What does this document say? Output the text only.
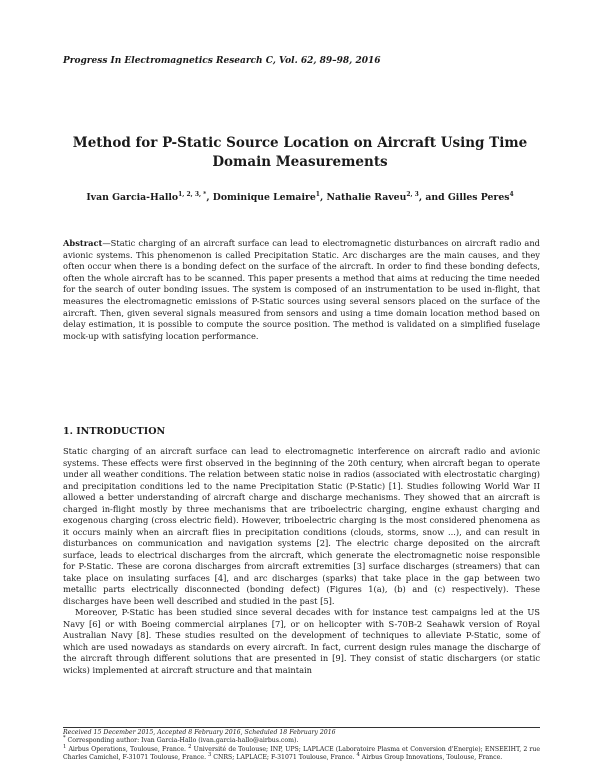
Progress In Electromagnetics Research C, Vol. 62, 89–98, 2016
Method for P-Static Source Location on Aircraft Using Time Domain Measurements
Ivan Garcia-Hallo$^{1, 2, 3, *}$, Dominique Lemaire$^1$, Nathalie Raveu$^{2, 3}$, and Gilles Peres$^4$
Abstract—Static charging of an aircraft surface can lead to electromagnetic disturbances on aircraft radio and avionic systems. This phenomenon is called Precipitation Static. Arc discharges are the main causes, and they often occur when there is a bonding defect on the surface of the aircraft. In order to find these bonding defects, often the whole aircraft has to be scanned. This paper presents a method that aims at reducing the time needed for the search of outer bonding issues. The system is composed of an instrumentation to be used in-flight, that measures the electromagnetic emissions of P-Static sources using several sensors placed on the surface of the aircraft. Then, given several signals measured from sensors and using a time domain location method based on delay estimation, it is possible to compute the source position. The method is validated on a simplified fuselage mock-up with satisfying location performance.
1. INTRODUCTION

Static charging of an aircraft surface can lead to electromagnetic interference on aircraft radio and avionic systems. These effects were first observed in the beginning of the 20th century, when aircraft began to operate under all weather conditions. The relation between static noise in radios (associated with electrostatic charging) and precipitation conditions led to the name Precipitation Static (P-Static) [1]. Studies following World War II allowed a better understanding of aircraft charge and discharge mechanisms. They showed that an aircraft is charged in-flight mostly by three mechanisms that are triboelectric charging, engine exhaust charging and exogenous charging (cross electric field). However, triboelectric charging is the most considered phenomena as it occurs mainly when an aircraft flies in precipitation conditions (clouds, storms, snow ...), and can result in disturbances on communication and navigation systems [2]. The electric charge deposited on the aircraft surface, leads to electrical discharges from the aircraft, which generate the electromagnetic noise responsible for P-Static. These are corona discharges from aircraft extremities [3] surface discharges (streamers) that can take place on insulating surfaces [4], and arc discharges (sparks) that take place in the gap between two metallic parts electrically disconnected (bonding defect) (Figures 1(a), (b) and (c) respectively). These discharges have been well described and studied in the past [5].

Moreover, P-Static has been studied since several decades with for instance test campaigns led at the US Navy [6] or with Boeing commercial airplanes [7], or on helicopter with S-70B-2 Seahawk version of Royal Australian Navy [8]. These studies resulted on the development of techniques to alleviate P-Static, some of which are used nowadays as standards on every aircraft. In fact, current design rules manage the discharge of the aircraft through different solutions that are presented in [9]. They consist of static dischargers (or static wicks) implemented at aircraft structure and that maintain

Received 15 December 2015, Accepted 8 February 2016, Scheduled 18 February 2016

* Corresponding author: Ivan Garcia-Hallo (ivan.garcia-hallo@airbus.com).

$^1$ Airbus Operations, Toulouse, France. $^2$ Université de Toulouse; INP, UPS; LAPLACE (Laboratoire Plasma et Conversion d'Energie); ENSEEIHT, 2 rue Charles Camichel, F-31071 Toulouse, France. $^3$ CNRS; LAPLACE; F-31071 Toulouse, France. $^4$ Airbus Group Innovations, Toulouse, France.
